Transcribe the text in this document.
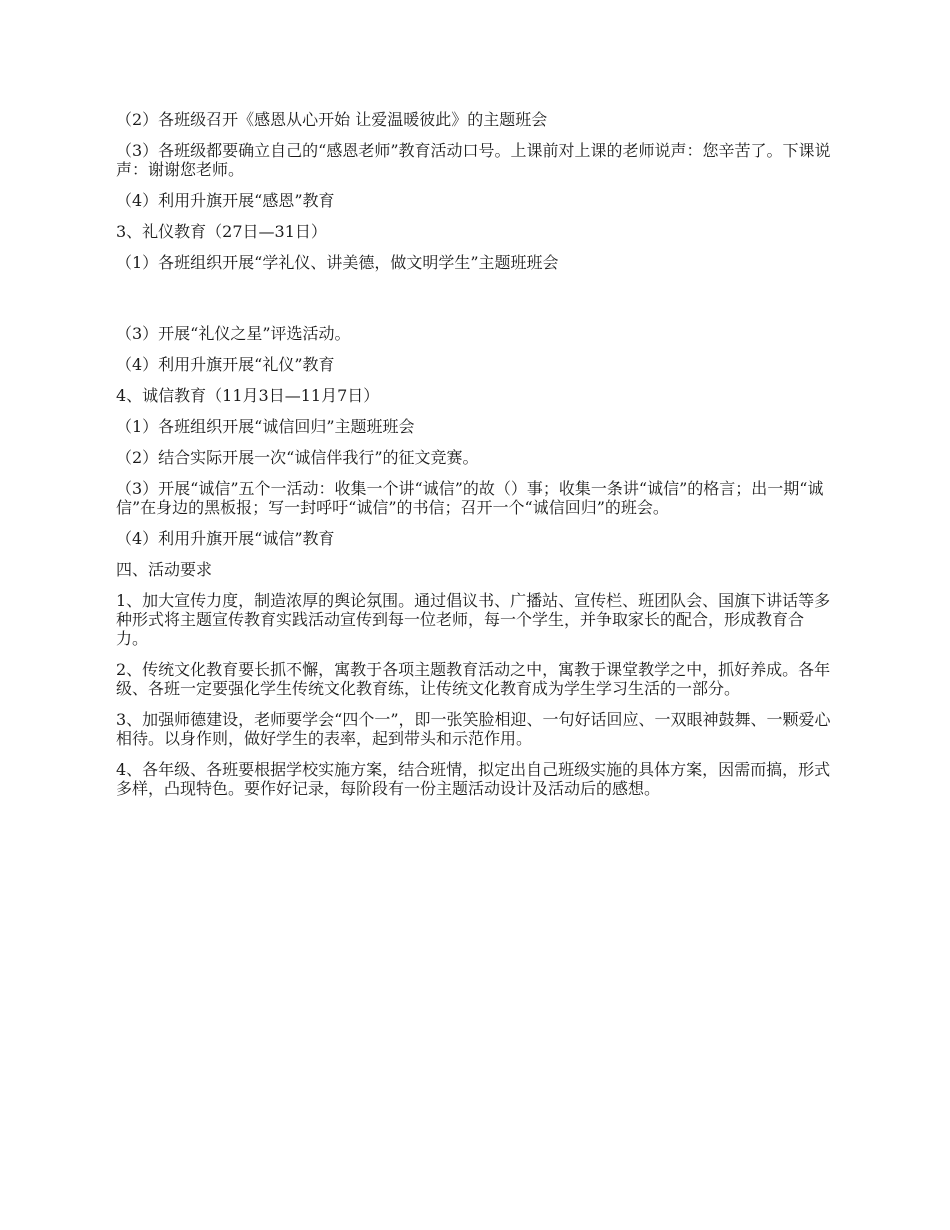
（2）各班级召开《感恩从心开始 让爱温暖彼此》的主题班会

（3）各班级都要确立自己的“感恩老师”教育活动口号。上课前对上课的老师说声：您辛苦了。下课说声：谢谢您老师。

（4）利用升旗开展“感恩”教育

3、礼仪教育（27日—31日）

（1）各班组织开展“学礼仪、讲美德，做文明学生”主题班班会

（3）开展“礼仪之星”评选活动。

（4）利用升旗开展“礼仪”教育

4、诚信教育（11月3日—11月7日）

（1）各班组织开展“诚信回归”主题班班会

（2）结合实际开展一次“诚信伴我行”的征文竞赛。

（3）开展“诚信”五个一活动：收集一个讲“诚信”的故（）事；收集一条讲“诚信”的格言；出一期“诚信”在身边的黑板报；写一封呼吁“诚信”的书信；召开一个“诚信回归”的班会。

（4）利用升旗开展“诚信”教育

四、活动要求

1、加大宣传力度，制造浓厚的舆论氛围。通过倡议书、广播站、宣传栏、班团队会、国旗下讲话等多种形式将主题宣传教育实践活动宣传到每一位老师，每一个学生，并争取家长的配合，形成教育合力。

2、传统文化教育要长抓不懈，寓教于各项主题教育活动之中，寓教于课堂教学之中，抓好养成。各年级、各班一定要强化学生传统文化教育练，让传统文化教育成为学生学习生活的一部分。

3、加强师德建设，老师要学会“四个一”，即一张笑脸相迎、一句好话回应、一双眼神鼓舞、一颗爱心相待。以身作则，做好学生的表率，起到带头和示范作用。

4、各年级、各班要根据学校实施方案，结合班情，拟定出自己班级实施的具体方案，因需而搞，形式多样，凸现特色。要作好记录，每阶段有一份主题活动设计及活动后的感想。
